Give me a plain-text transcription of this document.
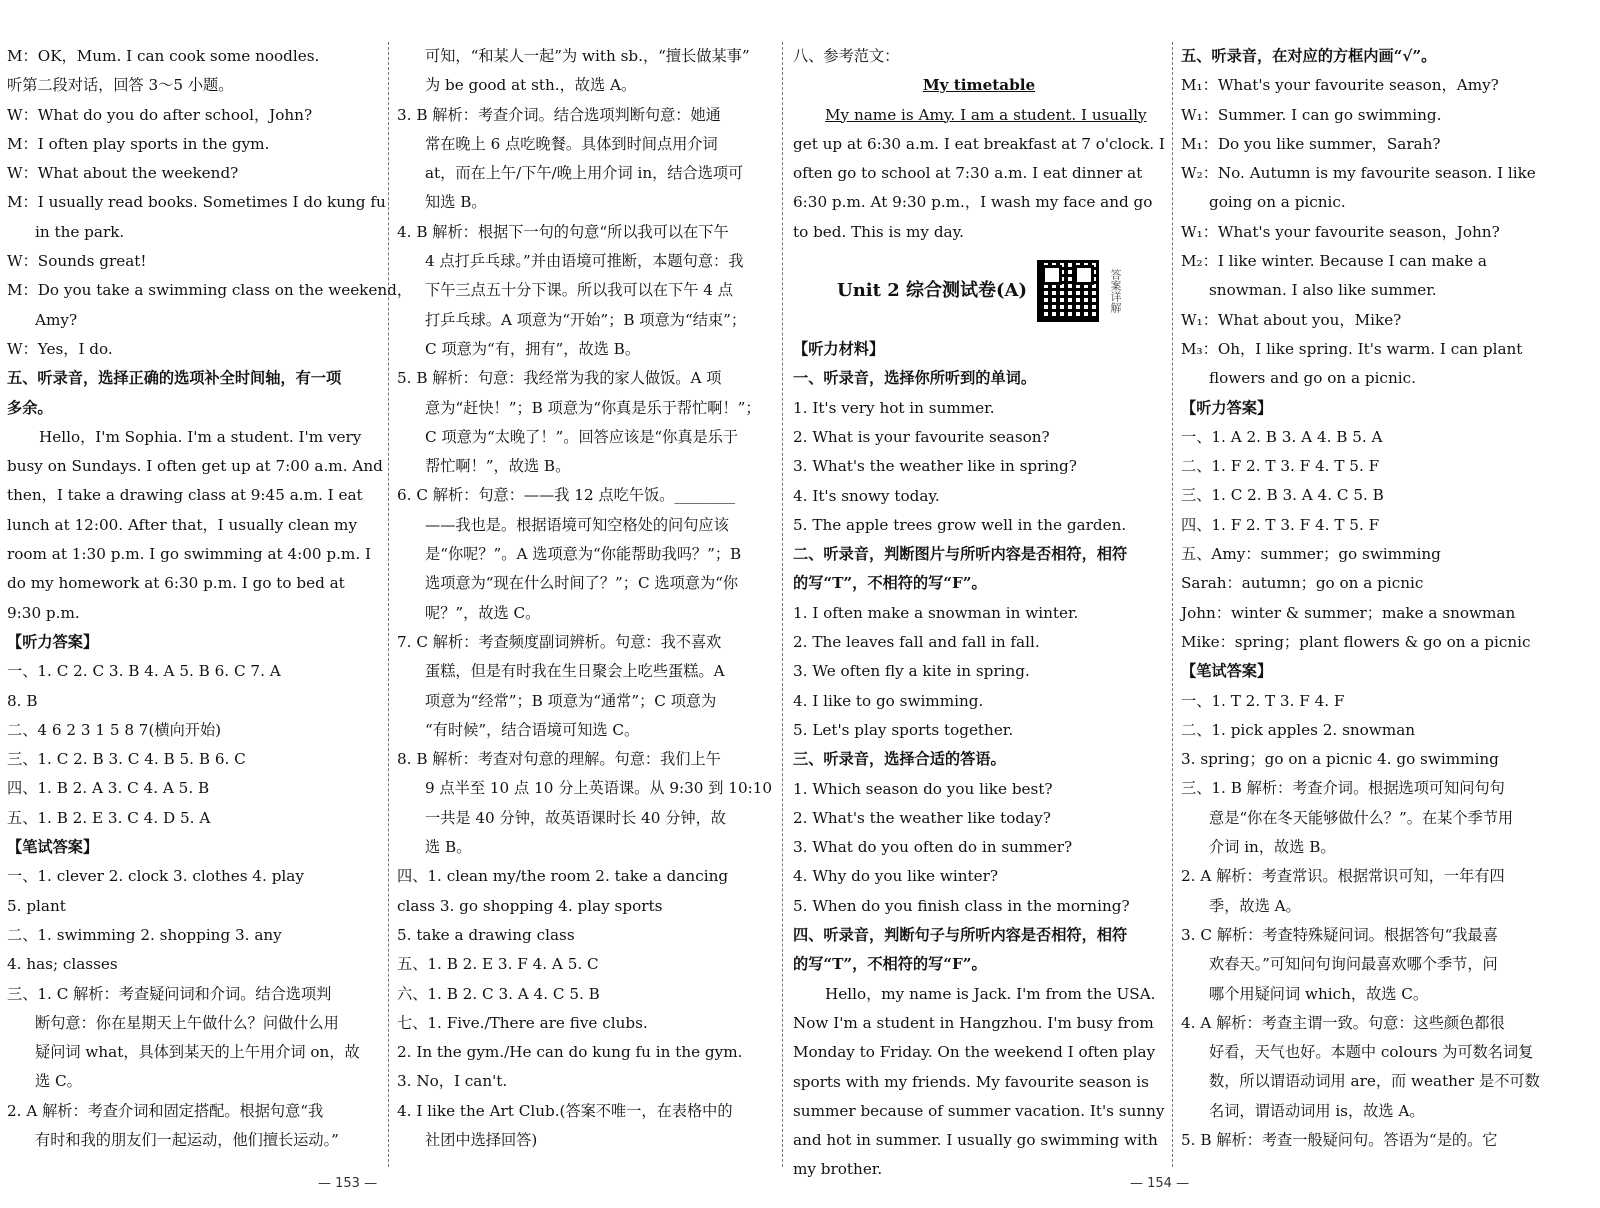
M：OK，Mum. I can cook some noodles.
听第二段对话，回答 3～5 小题。
W：What do you do after school，John?
M：I often play sports in the gym.
W：What about the weekend?
M：I usually read books. Sometimes I do kung fu
in the park.
W：Sounds great!
M：Do you take a swimming class on the weekend，
Amy?
W：Yes，I do.
五、听录音，选择正确的选项补全时间轴，有一项
多余。
Hello，I'm Sophia. I'm a student. I'm very
busy on Sundays. I often get up at 7:00 a.m. And
then，I take a drawing class at 9:45 a.m. I eat
lunch at 12:00. After that，I usually clean my
room at 1:30 p.m. I go swimming at 4:00 p.m. I
do my homework at 6:30 p.m. I go to bed at
9:30 p.m.
【听力答案】
一、1. C 2. C 3. B 4. A 5. B 6. C 7. A
8. B
二、4 6 2 3 1 5 8 7(横向开始)
三、1. C 2. B 3. C 4. B 5. B 6. C
四、1. B 2. A 3. C 4. A 5. B
五、1. B 2. E 3. C 4. D 5. A
【笔试答案】
一、1. clever 2. clock 3. clothes 4. play
5. plant
二、1. swimming 2. shopping 3. any
4. has; classes
三、1. C 解析：考查疑问词和介词。结合选项判
断句意：你在星期天上午做什么？问做什么用
疑问词 what，具体到某天的上午用介词 on，故
选 C。
2. A 解析：考查介词和固定搭配。根据句意“我
有时和我的朋友们一起运动，他们擅长运动。”
可知，“和某人一起”为 with sb.，“擅长做某事”
为 be good at sth.，故选 A。
3. B 解析：考查介词。结合选项判断句意：她通
常在晚上 6 点吃晚餐。具体到时间点用介词
at，而在上午/下午/晚上用介词 in，结合选项可
知选 B。
4. B 解析：根据下一句的句意“所以我可以在下午
4 点打乒乓球。”并由语境可推断，本题句意：我
下午三点五十分下课。所以我可以在下午 4 点
打乒乓球。A 项意为“开始”；B 项意为“结束”；
C 项意为“有，拥有”，故选 B。
5. B 解析：句意：我经常为我的家人做饭。A 项
意为“赶快！”；B 项意为“你真是乐于帮忙啊！”；
C 项意为“太晚了！”。回答应该是“你真是乐于
帮忙啊！”，故选 B。
6. C 解析：句意：——我 12 点吃午饭。________
——我也是。根据语境可知空格处的问句应该
是“你呢？”。A 选项意为“你能帮助我吗？”；B
选项意为“现在什么时间了？”；C 选项意为“你
呢？”，故选 C。
7. C 解析：考查频度副词辨析。句意：我不喜欢
蛋糕，但是有时我在生日聚会上吃些蛋糕。A
项意为“经常”；B 项意为“通常”；C 项意为
“有时候”，结合语境可知选 C。
8. B 解析：考查对句意的理解。句意：我们上午
9 点半至 10 点 10 分上英语课。从 9:30 到 10:10
一共是 40 分钟，故英语课时长 40 分钟，故
选 B。
四、1. clean my/the room 2. take a dancing
class 3. go shopping 4. play sports
5. take a drawing class
五、1. B 2. E 3. F 4. A 5. C
六、1. B 2. C 3. A 4. C 5. B
七、1. Five./There are five clubs.
2. In the gym./He can do kung fu in the gym.
3. No，I can't.
4. I like the Art Club.(答案不唯一，在表格中的
社团中选择回答)
八、参考范文：
My timetable
My name is Amy. I am a student. I usually
get up at 6:30 a.m. I eat breakfast at 7 o'clock. I
often go to school at 7:30 a.m. I eat dinner at
6:30 p.m. At 9:30 p.m.，I wash my face and go
to bed. This is my day.
Unit 2 综合测试卷(A)	答案详解
【听力材料】
一、听录音，选择你所听到的单词。
1. It's very hot in summer.
2. What is your favourite season?
3. What's the weather like in spring?
4. It's snowy today.
5. The apple trees grow well in the garden.
二、听录音，判断图片与所听内容是否相符，相符
的写“T”，不相符的写“F”。
1. I often make a snowman in winter.
2. The leaves fall and fall in fall.
3. We often fly a kite in spring.
4. I like to go swimming.
5. Let's play sports together.
三、听录音，选择合适的答语。
1. Which season do you like best?
2. What's the weather like today?
3. What do you often do in summer?
4. Why do you like winter?
5. When do you finish class in the morning?
四、听录音，判断句子与所听内容是否相符，相符
的写“T”，不相符的写“F”。
Hello，my name is Jack. I'm from the USA.
Now I'm a student in Hangzhou. I'm busy from
Monday to Friday. On the weekend I often play
sports with my friends. My favourite season is
summer because of summer vacation. It's sunny
and hot in summer. I usually go swimming with
my brother.
五、听录音，在对应的方框内画“√”。
M₁：What's your favourite season，Amy?
W₁：Summer. I can go swimming.
M₁：Do you like summer，Sarah?
W₂：No. Autumn is my favourite season. I like
going on a picnic.
W₁：What's your favourite season，John?
M₂：I like winter. Because I can make a
snowman. I also like summer.
W₁：What about you，Mike?
M₃：Oh，I like spring. It's warm. I can plant
flowers and go on a picnic.
【听力答案】
一、1. A 2. B 3. A 4. B 5. A
二、1. F 2. T 3. F 4. T 5. F
三、1. C 2. B 3. A 4. C 5. B
四、1. F 2. T 3. F 4. T 5. F
五、Amy：summer；go swimming
Sarah：autumn；go on a picnic
John：winter & summer；make a snowman
Mike：spring；plant flowers & go on a picnic
【笔试答案】
一、1. T 2. T 3. F 4. F
二、1. pick apples 2. snowman
3. spring；go on a picnic 4. go swimming
三、1. B 解析：考查介词。根据选项可知问句句
意是“你在冬天能够做什么？”。在某个季节用
介词 in，故选 B。
2. A 解析：考查常识。根据常识可知，一年有四
季，故选 A。
3. C 解析：考查特殊疑问词。根据答句“我最喜
欢春天。”可知问句询问最喜欢哪个季节，问
哪个用疑问词 which，故选 C。
4. A 解析：考查主谓一致。句意：这些颜色都很
好看，天气也好。本题中 colours 为可数名词复
数，所以谓语动词用 are，而 weather 是不可数
名词，谓语动词用 is，故选 A。
5. B 解析：考查一般疑问句。答语为“是的。它
— 153 —	— 154 —
